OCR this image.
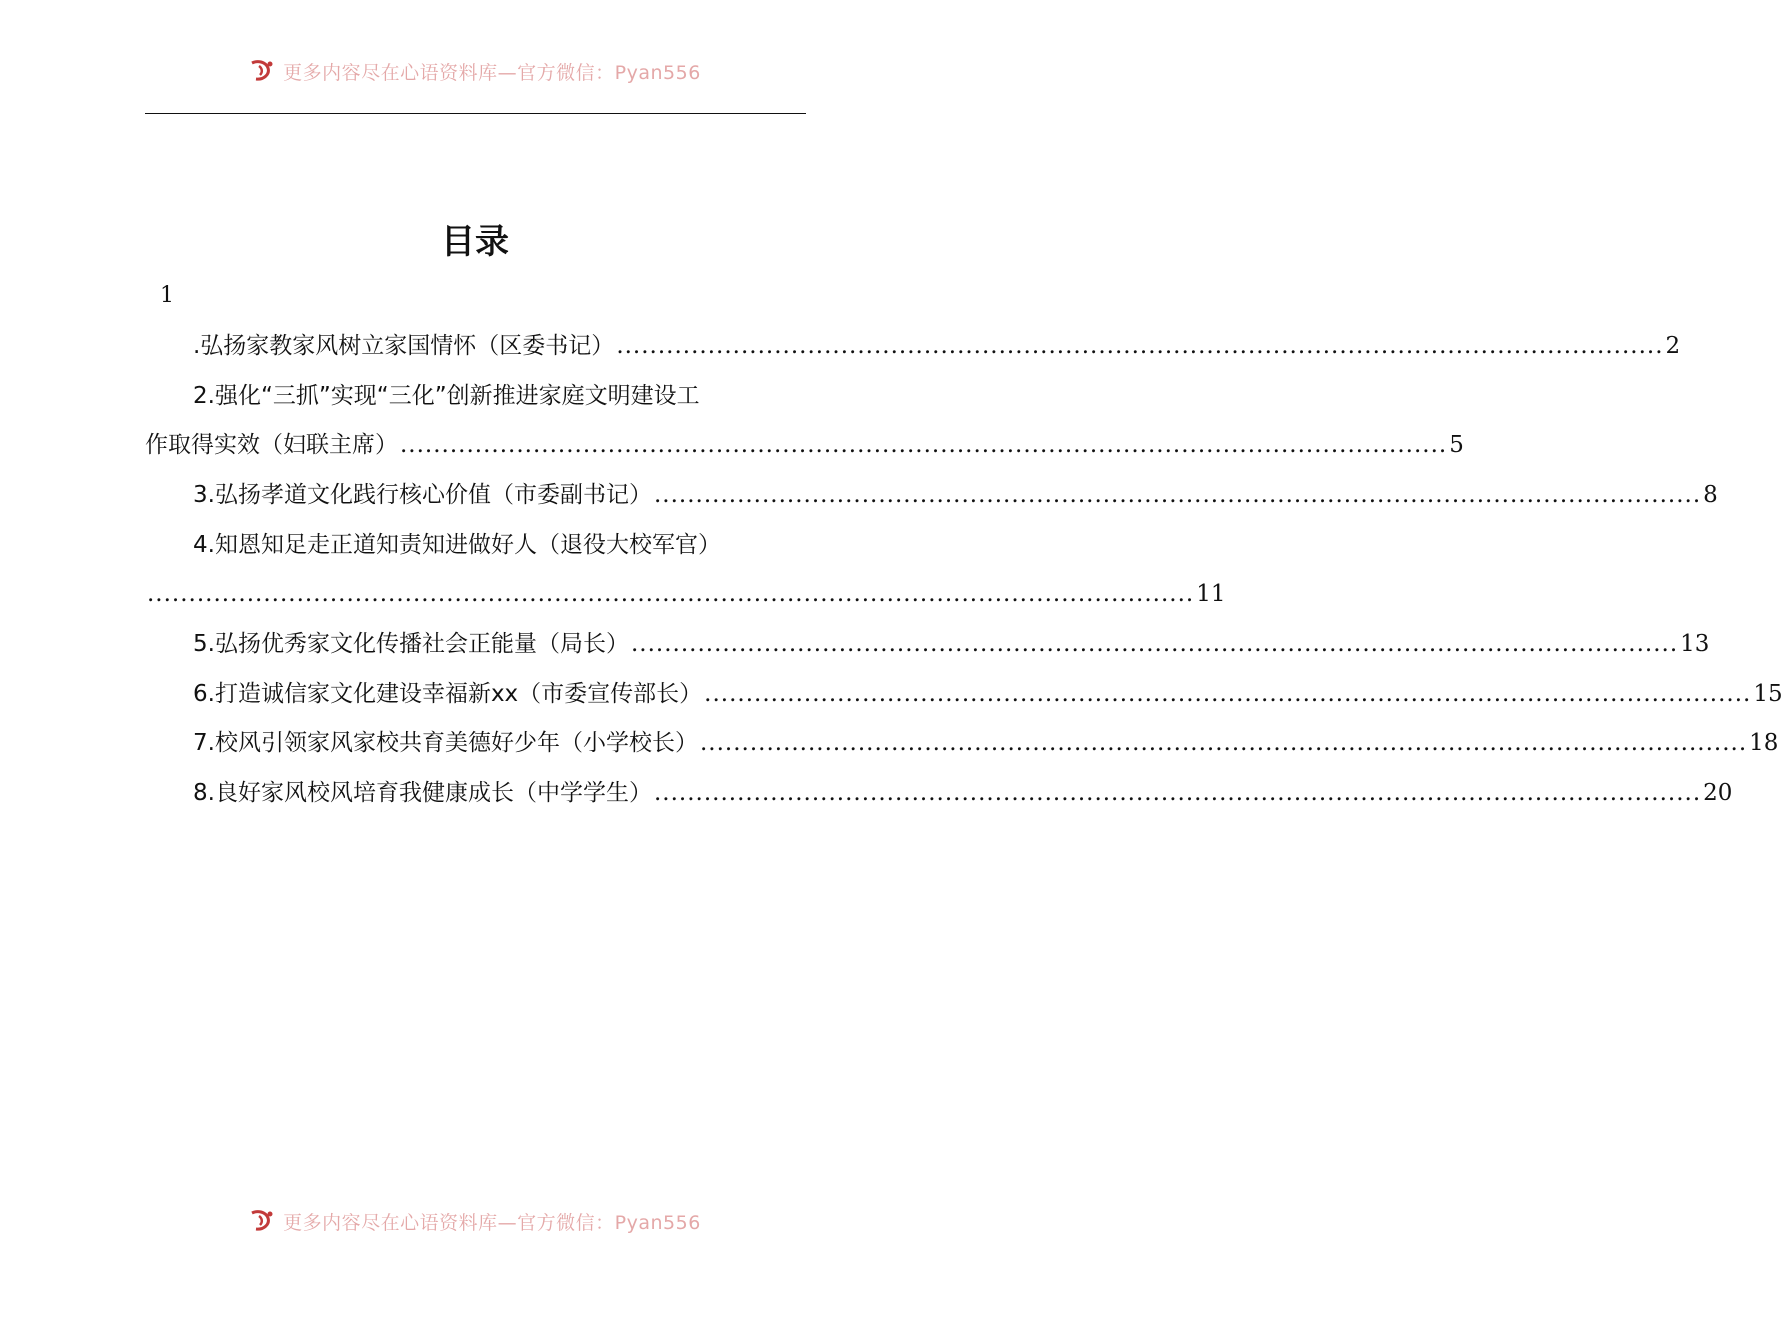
更多内容尽在心语资料库—官方微信：Pyan556
目录
1
.弘扬家教家风树立家国情怀（区委书记） .............................................................................................................................. 2
2.强化“三抓”实现“三化”创新推进家庭文明建设工
作取得实效（妇联主席） .............................................................................................................................. 5
3.弘扬孝道文化践行核心价值（市委副书记） .............................................................................................................................. 8
4.知恩知足走正道知责知进做好人（退役大校军官）
.............................................................................................................................. 11
5.弘扬优秀家文化传播社会正能量（局长） .............................................................................................................................. 13
6.打造诚信家文化建设幸福新xx（市委宣传部长） .............................................................................................................................. 15
7.校风引领家风家校共育美德好少年（小学校长） .............................................................................................................................. 18
8.良好家风校风培育我健康成长（中学学生） .............................................................................................................................. 20
更多内容尽在心语资料库—官方微信：Pyan556
